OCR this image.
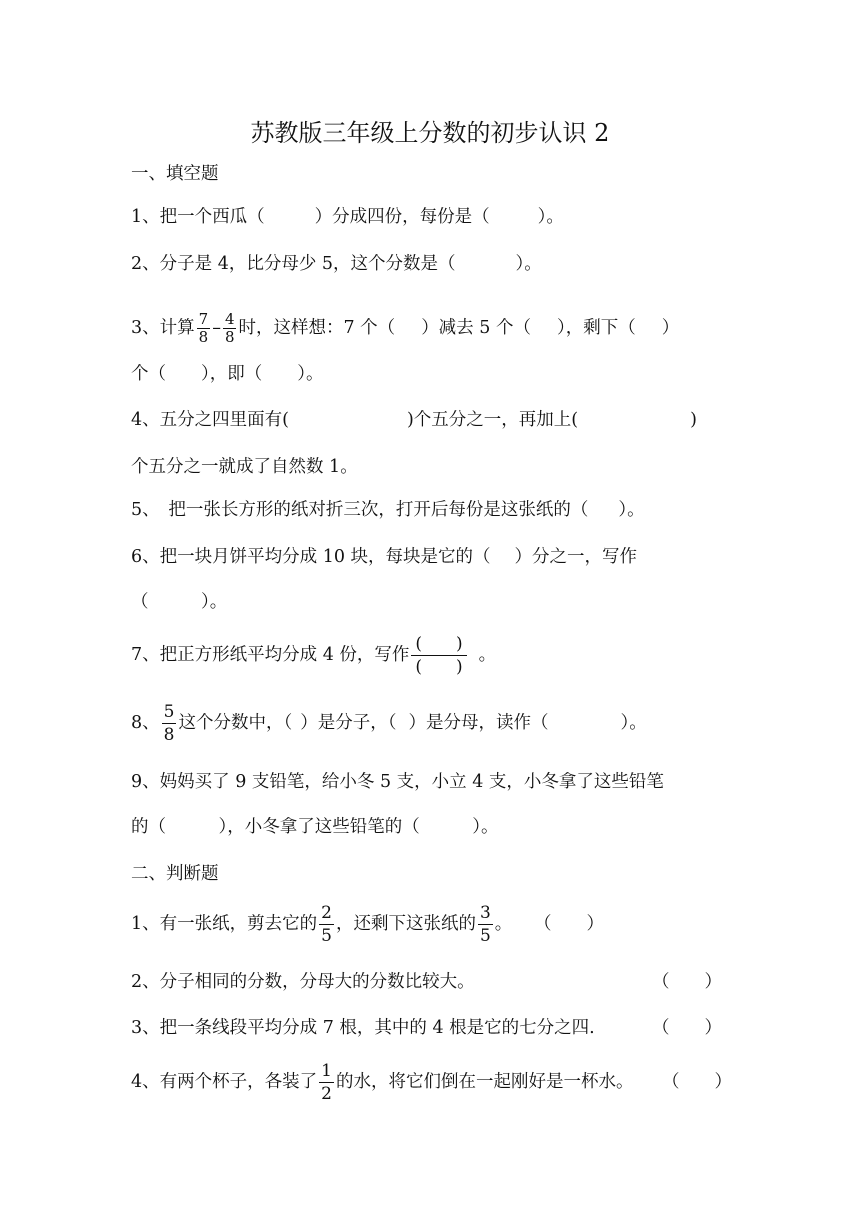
苏教版三年级上分数的初步认识 2
一、填空题
1、把一个西瓜（	）分成四份，每份是（	）。
2、分子是 4，比分母少 5，这个分数是（	）。
3、计算 $\frac{7}{8} - \frac{4}{8}$ 时，这样想：7 个（ ）减去 5 个（ ），剩下（ ）
个（　　），即（　　）。
4、五分之四里面有(	)个五分之一，再加上(	)
个五分之一就成了自然数 1。
5、　把一张长方形的纸对折三次，打开后每份是这张纸的（ ）。
6、把一块月饼平均分成 10 块，每块是它的（ ）分之一，写作
（　　　）。
7、把正方形纸平均分成 4 份，写作 $\frac{( )}{( )}$ 。
8、 $\frac{5}{8}$ 这个分数中，（ ）是分子，（ ）是分母，读作（	）。
9、妈妈买了 9 支铅笔，给小冬 5 支，小立 4 支，小冬拿了这些铅笔
的（　　　），小冬拿了这些铅笔的（　　　）。
二、判断题
1、有一张纸，剪去它的 $\frac{2}{5}$ ，还剩下这张纸的 $\frac{3}{5}$ 。 （　　）
2、分子相同的分数，分母大的分数比较大。	（　　）
3、把一条线段平均分成 7 根，其中的 4 根是它的七分之四.	（　　）
4、有两个杯子，各装了 $\frac{1}{2}$ 的水，将它们倒在一起刚好是一杯水。 （　　）
